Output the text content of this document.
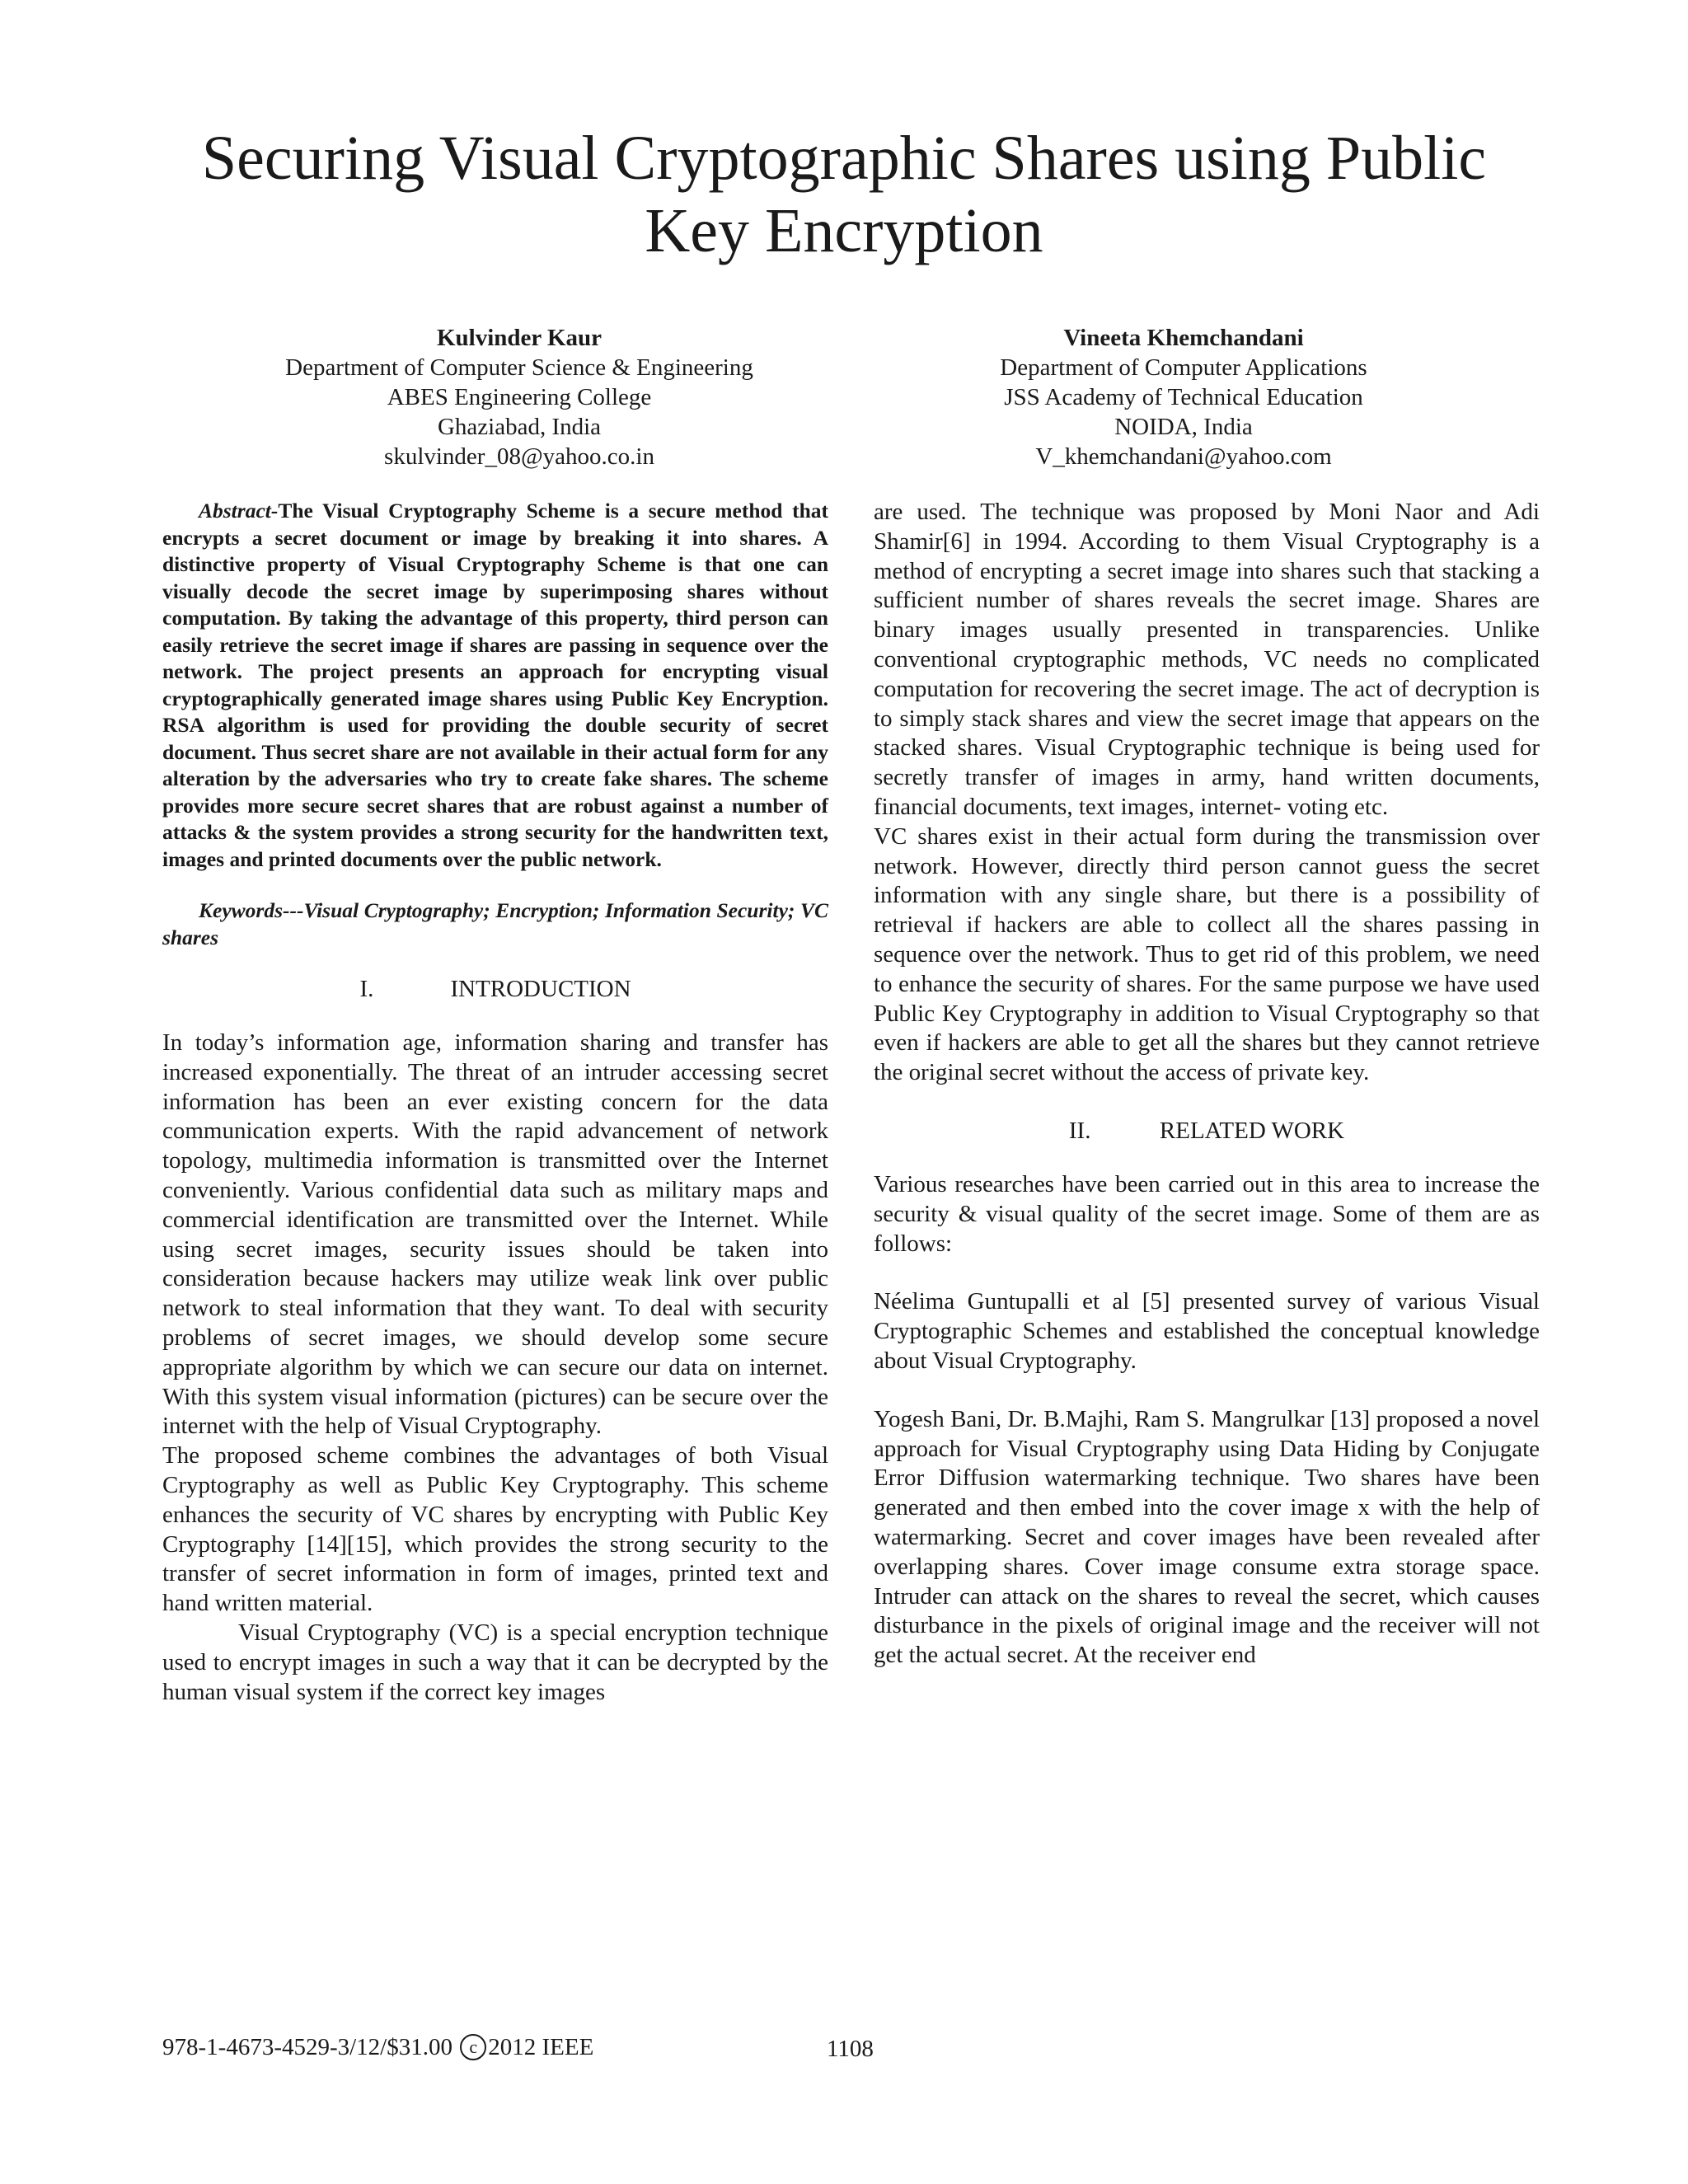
Securing Visual Cryptographic Shares using Public
Key Encryption
Kulvinder Kaur
Department of Computer Science & Engineering
ABES Engineering College
Ghaziabad, India
skulvinder_08@yahoo.co.in
Vineeta Khemchandani
Department of Computer Applications
JSS Academy of Technical Education
NOIDA, India
V_khemchandani@yahoo.com

Abstract-The Visual Cryptography Scheme is a secure method that encrypts a secret document or image by breaking it into shares. A distinctive property of Visual Cryptography Scheme is that one can visually decode the secret image by superimposing shares without computation. By taking the advantage of this property, third person can easily retrieve the secret image if shares are passing in sequence over the network. The project presents an approach for encrypting visual cryptographically generated image shares using Public Key Encryption. RSA algorithm is used for providing the double security of secret document. Thus secret share are not available in their actual form for any alteration by the adversaries who try to create fake shares. The scheme provides more secure secret shares that are robust against a number of attacks & the system provides a strong security for the handwritten text, images and printed documents over the public network.

Keywords---Visual Cryptography; Encryption; Information Security; VC shares

I.	INTRODUCTION

In today’s information age, information sharing and transfer has increased exponentially. The threat of an intruder accessing secret information has been an ever existing concern for the data communication experts. With the rapid advancement of network topology, multimedia information is transmitted over the Internet conveniently. Various confidential data such as military maps and commercial identification are transmitted over the Internet. While using secret images, security issues should be taken into consideration because hackers may utilize weak link over public network to steal information that they want. To deal with security problems of secret images, we should develop some secure appropriate algorithm by which we can secure our data on internet. With this system visual information (pictures) can be secure over the internet with the help of Visual Cryptography.

The proposed scheme combines the advantages of both Visual Cryptography as well as Public Key Cryptography. This scheme enhances the security of VC shares by encrypting with Public Key Cryptography [14][15], which provides the strong security to the transfer of secret information in form of images, printed text and hand written material.

Visual Cryptography (VC) is a special encryption technique used to encrypt images in such a way that it can be decrypted by the human visual system if the correct key images

are used. The technique was proposed by Moni Naor and Adi Shamir[6] in 1994. According to them Visual Cryptography is a method of encrypting a secret image into shares such that stacking a sufficient number of shares reveals the secret image. Shares are binary images usually presented in transparencies. Unlike conventional cryptographic methods, VC needs no complicated computation for recovering the secret image. The act of decryption is to simply stack shares and view the secret image that appears on the stacked shares. Visual Cryptographic technique is being used for secretly transfer of images in army, hand written documents, financial documents, text images, internet- voting etc.

VC shares exist in their actual form during the transmission over network. However, directly third person cannot guess the secret information with any single share, but there is a possibility of retrieval if hackers are able to collect all the shares passing in sequence over the network. Thus to get rid of this problem, we need to enhance the security of shares. For the same purpose we have used Public Key Cryptography in addition to Visual Cryptography so that even if hackers are able to get all the shares but they cannot retrieve the original secret without the access of private key.

II.	RELATED WORK

Various researches have been carried out in this area to increase the security & visual quality of the secret image. Some of them are as follows:

Néelima Guntupalli et al [5] presented survey of various Visual Cryptographic Schemes and established the conceptual knowledge about Visual Cryptography.

Yogesh Bani, Dr. B.Majhi, Ram S. Mangrulkar [13] proposed a novel approach for Visual Cryptography using Data Hiding by Conjugate Error Diffusion watermarking technique. Two shares have been generated and then embed into the cover image x with the help of watermarking. Secret and cover images have been revealed after overlapping shares. Cover image consume extra storage space. Intruder can attack on the shares to reveal the secret, which causes disturbance in the pixels of original image and the receiver will not get the actual secret. At the receiver end

978-1-4673-4529-3/12/$31.00 c 2012 IEEE	1108
